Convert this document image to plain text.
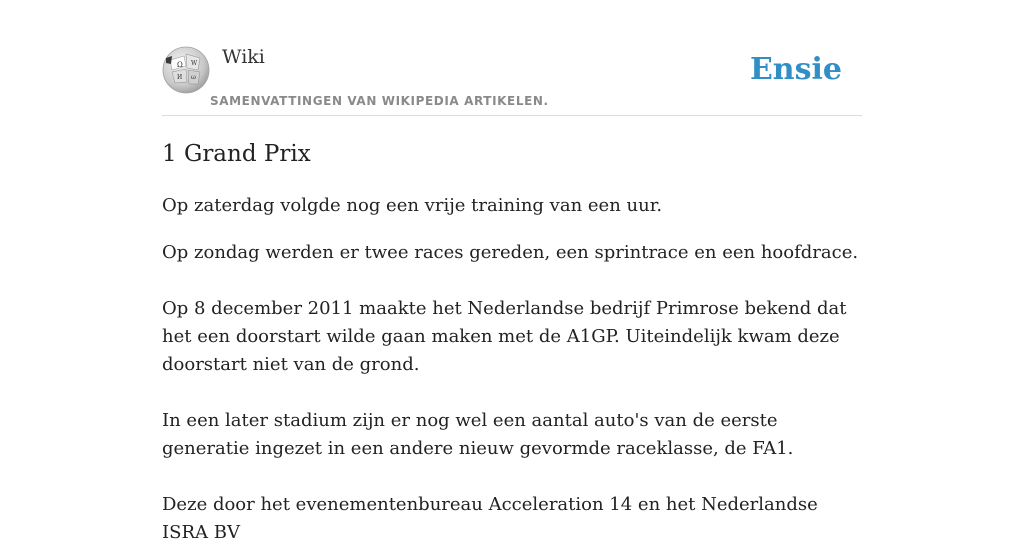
Ω W
И ω
Wiki
SAMENVATTINGEN VAN WIKIPEDIA ARTIKELEN.
Ensie
1 Grand Prix

Op zaterdag volgde nog een vrije training van een uur.

Op zondag werden er twee races gereden, een sprintrace en een hoofdrace.

Op 8 december 2011 maakte het Nederlandse bedrijf Primrose bekend dat het een doorstart wilde gaan maken met de A1GP. Uiteindelijk kwam deze doorstart niet van de grond.

In een later stadium zijn er nog wel een aantal auto's van de eerste generatie ingezet in een andere nieuw gevormde raceklasse, de FA1.

Deze door het evenementenbureau Acceleration 14 en het Nederlandse ISRA BV
